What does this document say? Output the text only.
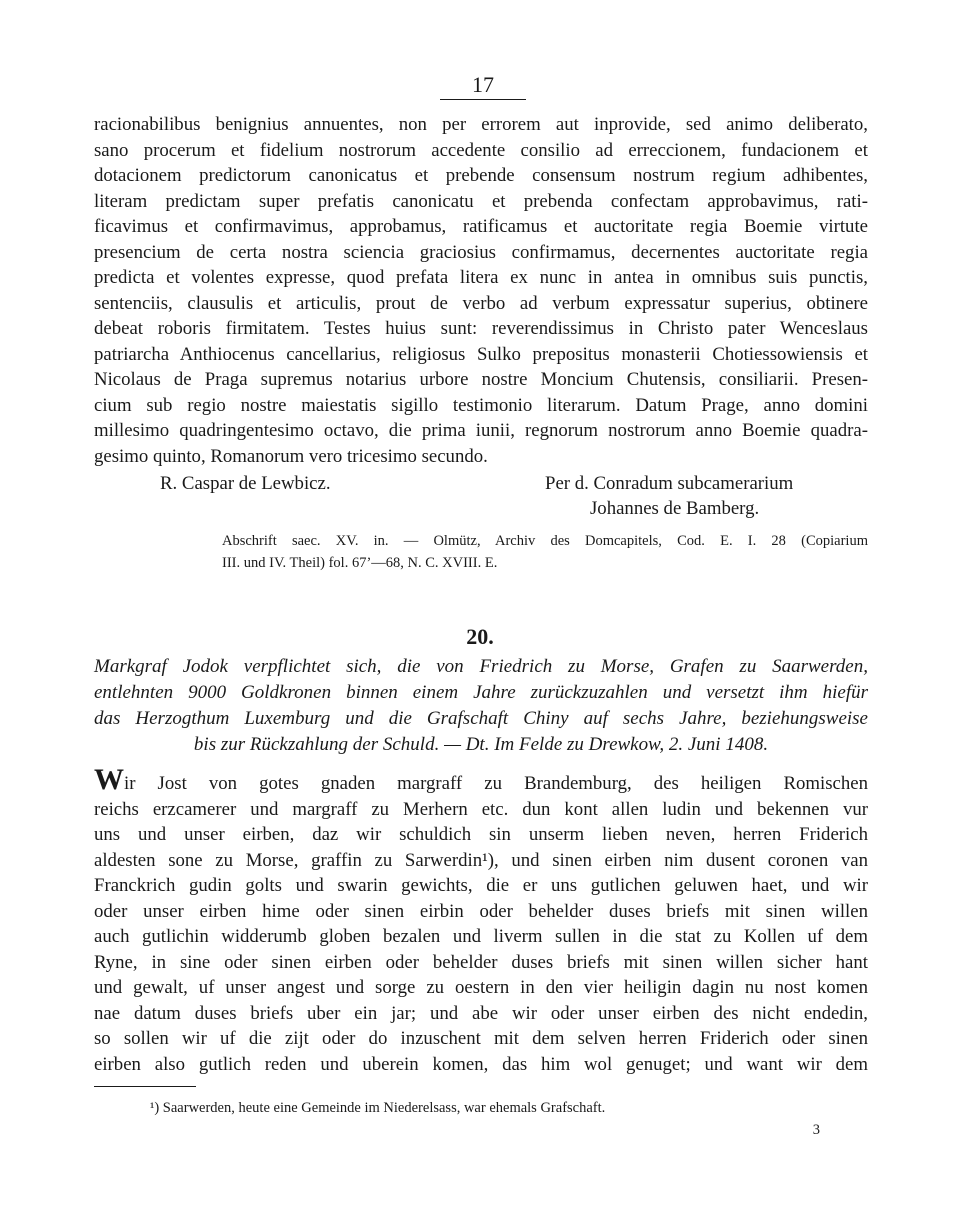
17
racionabilibus benignius annuentes, non per errorem aut inprovide, sed animo deliberato,
sano procerum et fidelium nostrorum accedente consilio ad erreccionem, fundacionem et
dotacionem predictorum canonicatus et prebende consensum nostrum regium adhibentes,
literam predictam super prefatis canonicatu et prebenda confectam approbavimus, rati-
ficavimus et confirmavimus, approbamus, ratificamus et auctoritate regia Boemie virtute
presencium de certa nostra sciencia graciosius confirmamus, decernentes auctoritate regia
predicta et volentes expresse, quod prefata litera ex nunc in antea in omnibus suis punctis,
sentenciis, clausulis et articulis, prout de verbo ad verbum expressatur superius, obtinere
debeat roboris firmitatem. Testes huius sunt: reverendissimus in Christo pater Wenceslaus
patriarcha Anthiocenus cancellarius, religiosus Sulko prepositus monasterii Chotiessowiensis et
Nicolaus de Praga supremus notarius urbore nostre Moncium Chutensis, consiliarii. Presen-
cium sub regio nostre maiestatis sigillo testimonio literarum. Datum Prage, anno domini
millesimo quadringentesimo octavo, die prima iunii, regnorum nostrorum anno Boemie quadra-
gesimo quinto, Romanorum vero tricesimo secundo.
R. Caspar de Lewbicz.	Per d. Conradum subcamerarium
Johannes de Bamberg.
Abschrift saec. XV. in. — Olmütz, Archiv des Domcapitels, Cod. E. I. 28 (Copiarium
III. und IV. Theil) fol. 67’—68, N. C. XVIII. E.
20.
Markgraf Jodok verpflichtet sich, die von Friedrich zu Morse, Grafen zu Saarwerden,
entlehnten 9000 Goldkronen binnen einem Jahre zurückzuzahlen und versetzt ihm hiefür
das Herzogthum Luxemburg und die Grafschaft Chiny auf sechs Jahre, beziehungsweise
bis zur Rückzahlung der Schuld. — Dt. Im Felde zu Drewkow, 2. Juni 1408.
Wir Jost von gotes gnaden margraff zu Brandemburg, des heiligen Romischen
reichs erzcamerer und margraff zu Merhern etc. dun kont allen ludin und bekennen vur
uns und unser eirben, daz wir schuldich sin unserm lieben neven, herren Friderich
aldesten sone zu Morse, graffin zu Sarwerdin¹), und sinen eirben nim dusent coronen van
Franckrich gudin golts und swarin gewichts, die er uns gutlichen geluwen haet, und wir
oder unser eirben hime oder sinen eirbin oder behelder duses briefs mit sinen willen
auch gutlichin widderumb globen bezalen und liverm sullen in die stat zu Kollen uf dem
Ryne, in sine oder sinen eirben oder behelder duses briefs mit sinen willen sicher hant
und gewalt, uf unser angest und sorge zu oestern in den vier heiligin dagin nu nost komen
nae datum duses briefs uber ein jar; und abe wir oder unser eirben des nicht endedin,
so sollen wir uf die zijt oder do inzuschent mit dem selven herren Friderich oder sinen
eirben also gutlich reden und uberein komen, das him wol genuget; und want wir dem
¹) Saarwerden, heute eine Gemeinde im Niederelsass, war ehemals Grafschaft.
3
